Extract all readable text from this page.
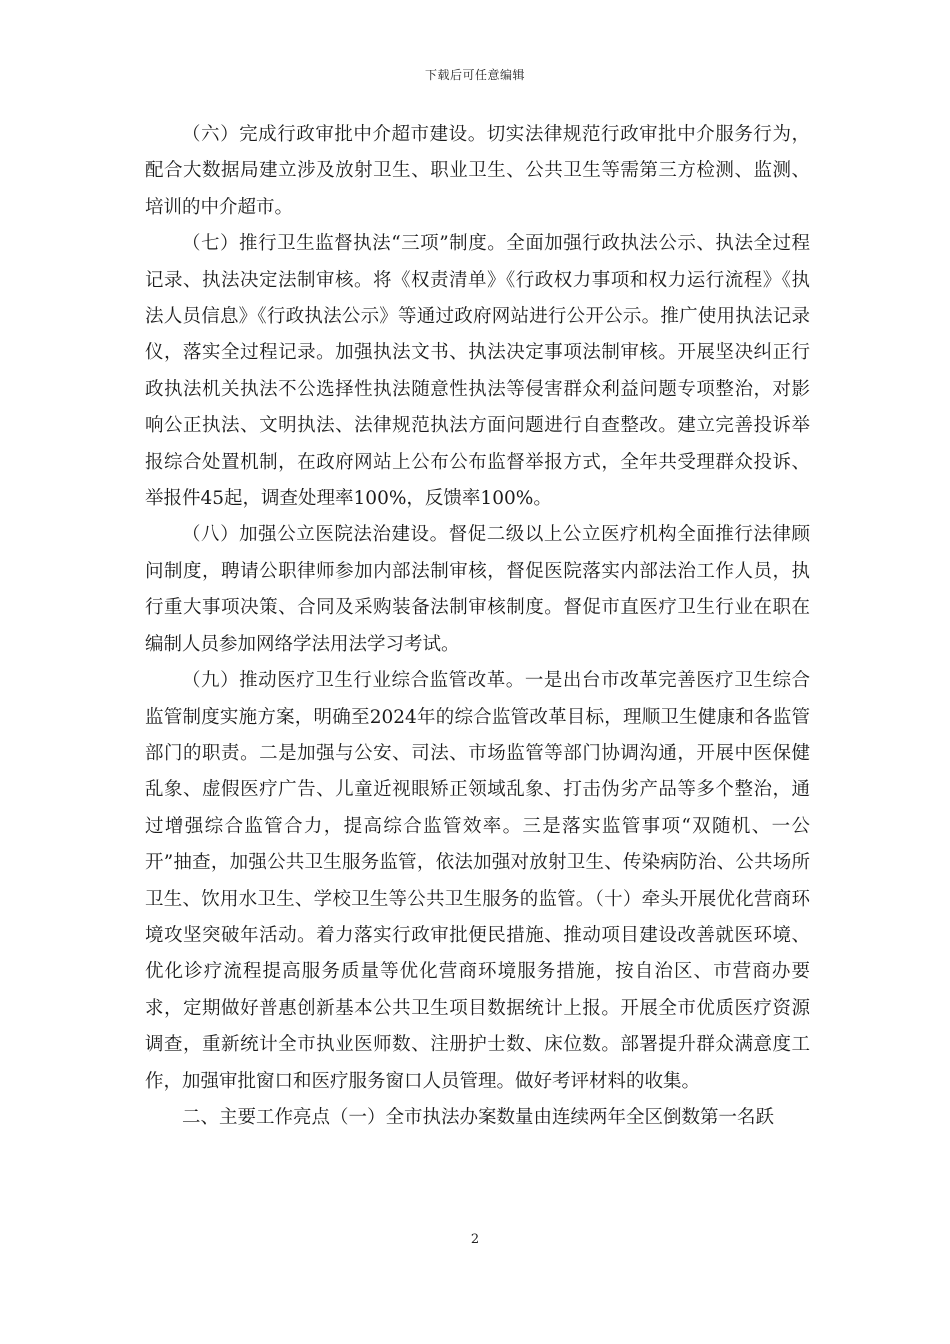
下载后可任意编辑

（六）完成行政审批中介超市建设。切实法律规范行政审批中介服务行为，配合大数据局建立涉及放射卫生、职业卫生、公共卫生等需第三方检测、监测、培训的中介超市。

（七）推行卫生监督执法“三项”制度。全面加强行政执法公示、执法全过程记录、执法决定法制审核。将《权责清单》《行政权力事项和权力运行流程》《执法人员信息》《行政执法公示》等通过政府网站进行公开公示。推广使用执法记录仪，落实全过程记录。加强执法文书、执法决定事项法制审核。开展坚决纠正行政执法机关执法不公选择性执法随意性执法等侵害群众利益问题专项整治，对影响公正执法、文明执法、法律规范执法方面问题进行自查整改。建立完善投诉举报综合处置机制，在政府网站上公布公布监督举报方式，全年共受理群众投诉、举报件45起，调查处理率100%，反馈率100%。

（八）加强公立医院法治建设。督促二级以上公立医疗机构全面推行法律顾问制度，聘请公职律师参加内部法制审核，督促医院落实内部法治工作人员，执行重大事项决策、合同及采购装备法制审核制度。督促市直医疗卫生行业在职在编制人员参加网络学法用法学习考试。

（九）推动医疗卫生行业综合监管改革。一是出台市改革完善医疗卫生综合监管制度实施方案，明确至2024年的综合监管改革目标，理顺卫生健康和各监管部门的职责。二是加强与公安、司法、市场监管等部门协调沟通，开展中医保健乱象、虚假医疗广告、儿童近视眼矫正领域乱象、打击伪劣产品等多个整治，通过增强综合监管合力，提高综合监管效率。三是落实监管事项“双随机、一公开”抽查，加强公共卫生服务监管，依法加强对放射卫生、传染病防治、公共场所卫生、饮用水卫生、学校卫生等公共卫生服务的监管。（十）牵头开展优化营商环境攻坚突破年活动。着力落实行政审批便民措施、推动项目建设改善就医环境、优化诊疗流程提高服务质量等优化营商环境服务措施，按自治区、市营商办要求，定期做好普惠创新基本公共卫生项目数据统计上报。开展全市优质医疗资源调查，重新统计全市执业医师数、注册护士数、床位数。部署提升群众满意度工作，加强审批窗口和医疗服务窗口人员管理。做好考评材料的收集。

二、主要工作亮点（一）全市执法办案数量由连续两年全区倒数第一名跃

2
